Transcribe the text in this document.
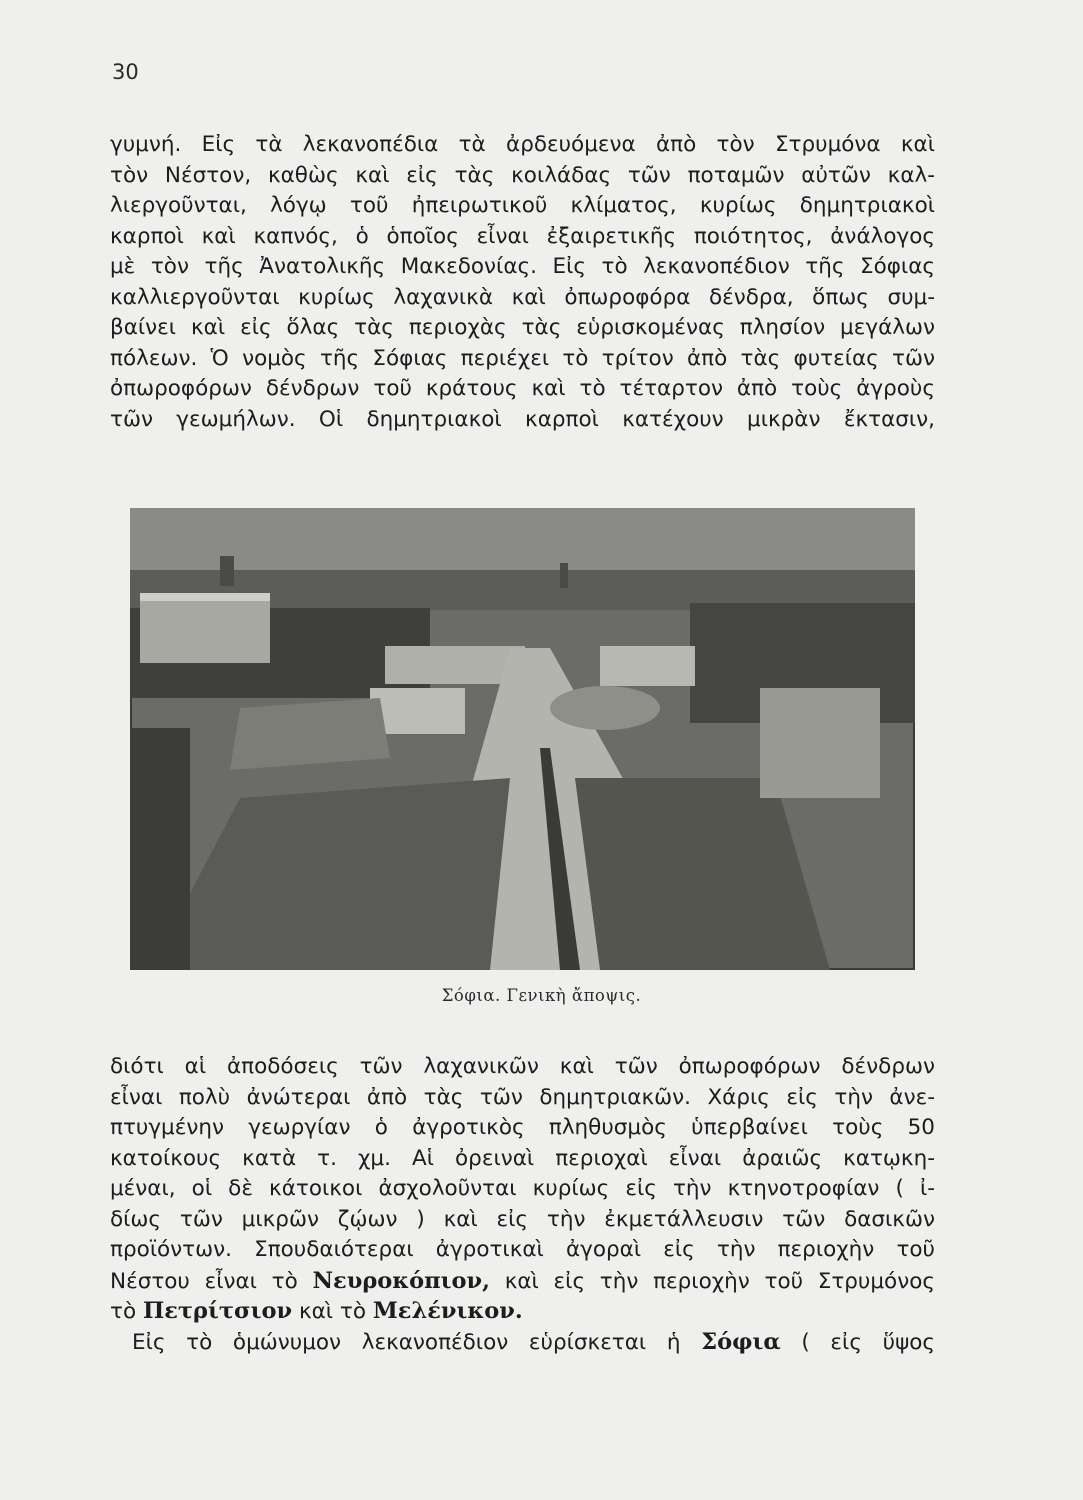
30
γυμνή. Εἰς τὰ λεκανοπέδια τὰ ἀρδευόμενα ἀπὸ τὸν Στρυμόνα καὶ
τὸν Νέστον, καθὼς καὶ εἰς τὰς κοιλάδας τῶν ποταμῶν αὐτῶν καλ-
λιεργοῦνται, λόγῳ τοῦ ἠπειρωτικοῦ κλίματος, κυρίως δημητριακοὶ
καρποὶ καὶ καπνός, ὁ ὁποῖος εἶναι ἐξαιρετικῆς ποιότητος, ἀνάλογος
μὲ τὸν τῆς Ἀνατολικῆς Μακεδονίας. Εἰς τὸ λεκανοπέδιον τῆς Σόφιας
καλλιεργοῦνται κυρίως λαχανικὰ καὶ ὀπωροφόρα δένδρα, ὅπως συμ-
βαίνει καὶ εἰς ὅλας τὰς περιοχὰς τὰς εὑρισκομένας πλησίον μεγάλων
πόλεων. Ὁ νομὸς τῆς Σόφιας περιέχει τὸ τρίτον ἀπὸ τὰς φυτείας τῶν
ὀπωροφόρων δένδρων τοῦ κράτους καὶ τὸ τέταρτον ἀπὸ τοὺς ἀγροὺς
τῶν γεωμήλων. Οἱ δημητριακοὶ καρποὶ κατέχουν μικρὰν ἔκτασιν,
Σόφια. Γενικὴ ἄποψις.
διότι αἱ ἀποδόσεις τῶν λαχανικῶν καὶ τῶν ὀπωροφόρων δένδρων
εἶναι πολὺ ἀνώτεραι ἀπὸ τὰς τῶν δημητριακῶν. Χάρις εἰς τὴν ἀνε-
πτυγμένην γεωργίαν ὁ ἀγροτικὸς πληθυσμὸς ὑπερβαίνει τοὺς 50
κατοίκους κατὰ τ. χμ. Αἱ ὀρειναὶ περιοχαὶ εἶναι ἀραιῶς κατῳκη-
μέναι, οἱ δὲ κάτοικοι ἀσχολοῦνται κυρίως εἰς τὴν κτηνοτροφίαν ( ἰ-
δίως τῶν μικρῶν ζῴων ) καὶ εἰς τὴν ἐκμετάλλευσιν τῶν δασικῶν
προϊόντων. Σπουδαιότεραι ἀγροτικαὶ ἀγοραὶ εἰς τὴν περιοχὴν τοῦ
Νέστου εἶναι τὸ Νευροκόπιον, καὶ εἰς τὴν περιοχὴν τοῦ Στρυμόνος
τὸ Πετρίτσιον καὶ τὸ Μελένικον.
Εἰς τὸ ὁμώνυμον λεκανοπέδιον εὑρίσκεται ἡ Σόφια ( εἰς ὕψος
